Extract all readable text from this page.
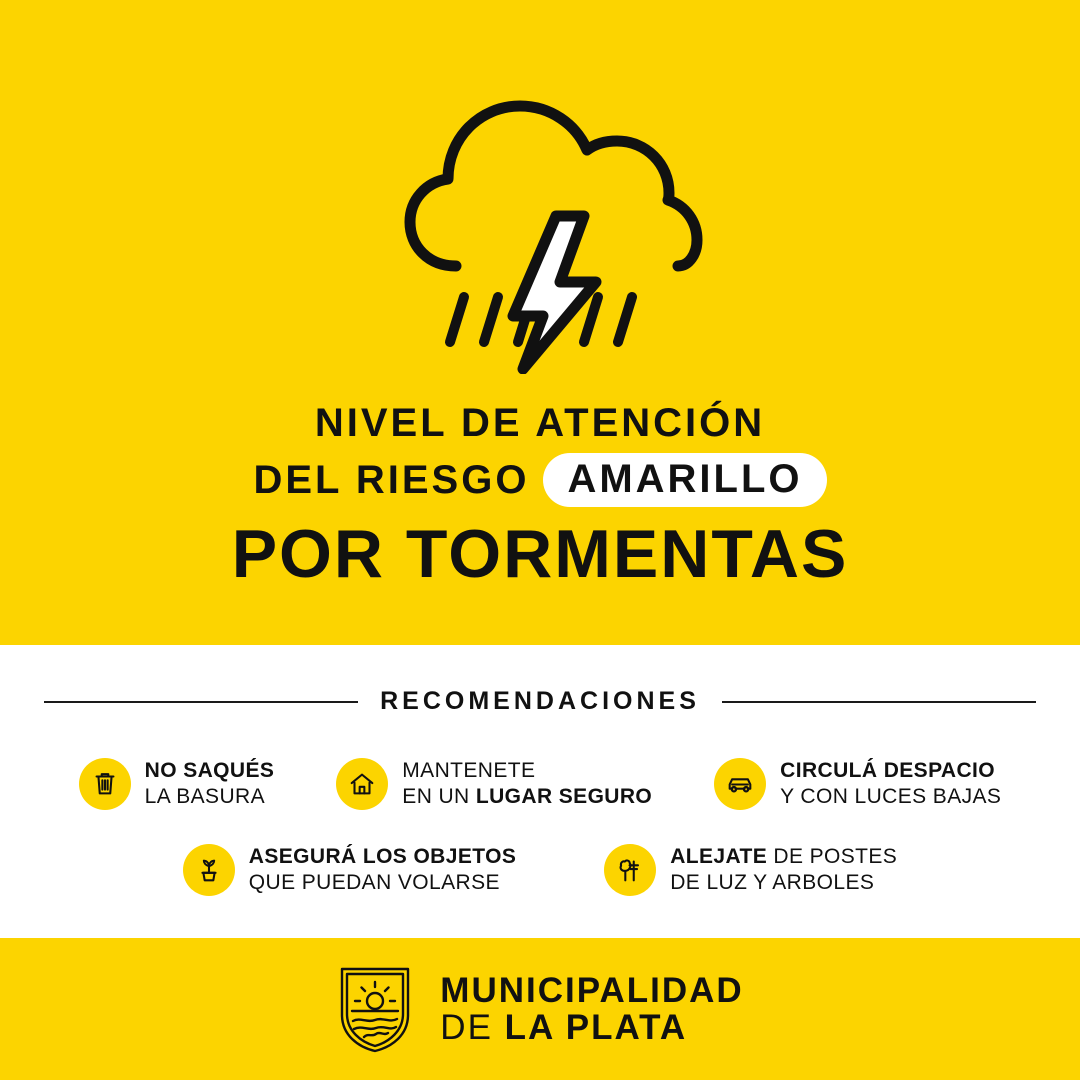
NIVEL DE ATENCIÓN
DEL RIESGO AMARILLO
POR TORMENTAS
RECOMENDACIONES
NO SAQUÉS
LA BASURA
MANTENETE
EN UN LUGAR SEGURO
CIRCULÁ DESPACIO
Y CON LUCES BAJAS
ASEGURÁ LOS OBJETOS
QUE PUEDAN VOLARSE
ALEJATE DE POSTES
DE LUZ Y ARBOLES
MUNICIPALIDAD
DE LA PLATA
